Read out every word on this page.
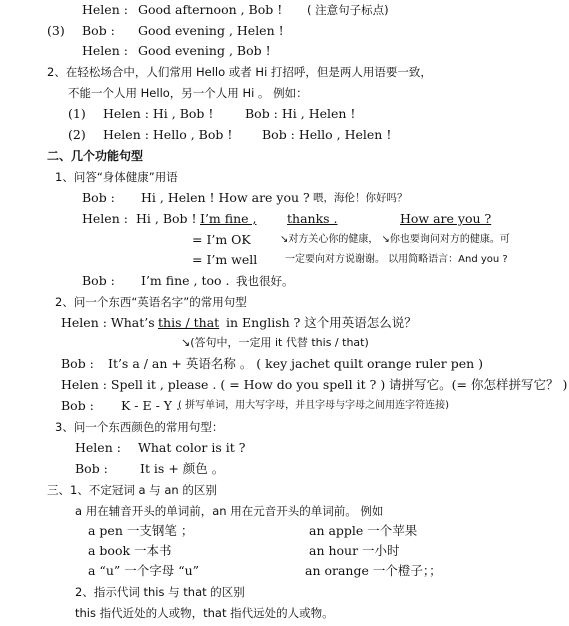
Helen : Good afternoon , Bob ! ( 注意句子标点)
(3) Bob : Good evening , Helen !
Helen : Good evening , Bob !
2、在轻松场合中，人们常用 Hello 或者 Hi 打招呼，但是两人用语要一致，
不能一个人用 Hello，另一个人用 Hi 。 例如：
(1) Helen : Hi , Bob !	Bob : Hi , Helen !
(2) Helen : Hello , Bob ! Bob : Hello , Helen !
二、几个功能句型
1、问答“身体健康”用语
Bob : Hi , Helen ! How are you ? 喂，海伦！你好吗？
Helen : Hi , Bob ! I’m fine , thanks .	How are you ?
= I’m OK	↘对方关心你的健康， ↘你也要询问对方的健康。可
= I’m well	一定要向对方说谢谢。 以用简略语言：And you ?
Bob : I’m fine , too . 我也很好。
2、问一个东西“英语名字”的常用句型
Helen : What’s this / that in English ? 这个用英语怎么说？
↘(答句中，一定用 it 代替 this / that)
Bob : It’s a / an + 英语名称 。 ( key jachet quilt orange ruler pen )
Helen : Spell it , please . ( = How do you spell it ? ) 请拼写它。(= 你怎样拼写它？ )
Bob : K - E - Y .
( 拼写单词，用大写字母，并且字母与字母之间用连字符连接)
3、问一个东西颜色的常用句型：
Helen : What color is it ?
Bob :	It is + 颜色 。
三、1、不定冠词 a 与 an 的区别
a 用在辅音开头的单词前，an 用在元音开头的单词前。 例如
a pen 一支钢笔 ；	an apple 一个苹果
a book 一本书	an hour 一小时
a “u” 一个字母 “u”	an orange 一个橙子；；
2、指示代词 this 与 that 的区别
this 指代近处的人或物，that 指代远处的人或物。
